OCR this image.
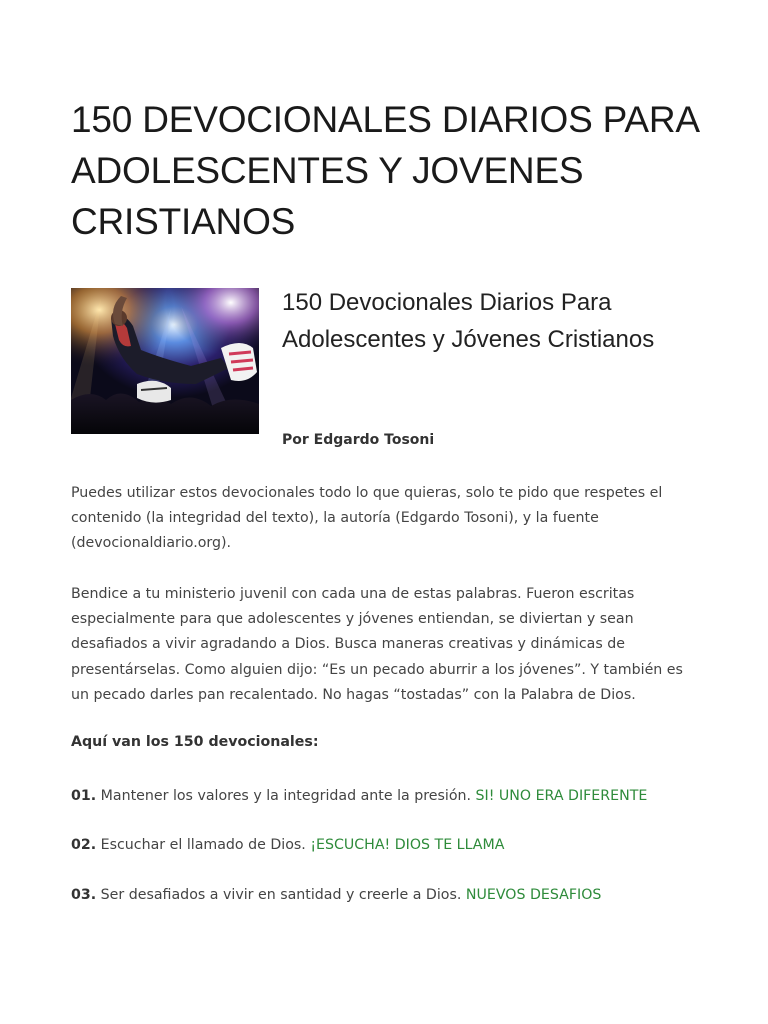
150 DEVOCIONALES DIARIOS PARA ADOLESCENTES Y JOVENES CRISTIANOS
150 Devocionales Diarios Para Adolescentes y Jóvenes Cristianos

Por Edgardo Tosoni

Puedes utilizar estos devocionales todo lo que quieras, solo te pido que respetes el contenido (la integridad del texto), la autoría (Edgardo Tosoni), y la fuente (devocionaldiario.org).

Bendice a tu ministerio juvenil con cada una de estas palabras. Fueron escritas especialmente para que adolescentes y jóvenes entiendan, se diviertan y sean desafiados a vivir agradando a Dios. Busca maneras creativas y dinámicas de presentárselas. Como alguien dijo: “Es un pecado aburrir a los jóvenes”. Y también es un pecado darles pan recalentado. No hagas “tostadas” con la Palabra de Dios.

Aquí van los 150 devocionales:

01. Mantener los valores y la integridad ante la presión. SI! UNO ERA DIFERENTE

02. Escuchar el llamado de Dios. ¡ESCUCHA! DIOS TE LLAMA

03. Ser desafiados a vivir en santidad y creerle a Dios. NUEVOS DESAFIOS
